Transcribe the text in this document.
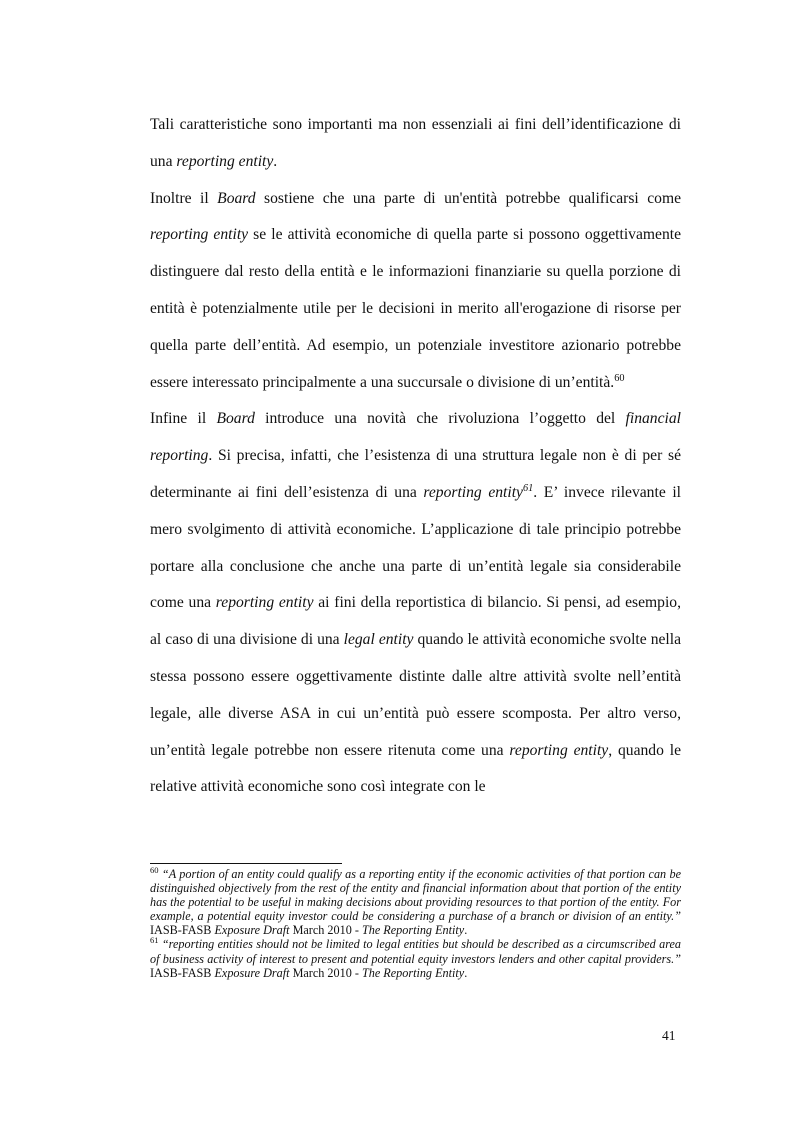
Tali caratteristiche sono importanti ma non essenziali ai fini dell’identificazione di una reporting entity.

Inoltre il Board sostiene che una parte di un'entità potrebbe qualificarsi come reporting entity se le attività economiche di quella parte si possono oggettivamente distinguere dal resto della entità e le informazioni finanziarie su quella porzione di entità è potenzialmente utile per le decisioni in merito all'erogazione di risorse per quella parte dell’entità. Ad esempio, un potenziale investitore azionario potrebbe essere interessato principalmente a una succursale o divisione di un’entità.$^{60}$

Infine il Board introduce una novità che rivoluziona l’oggetto del financial reporting. Si precisa, infatti, che l’esistenza di una struttura legale non è di per sé determinante ai fini dell’esistenza di una reporting entity$^{61}$. E’ invece rilevante il mero svolgimento di attività economiche. L’applicazione di tale principio potrebbe portare alla conclusione che anche una parte di un’entità legale sia considerabile come una reporting entity ai fini della reportistica di bilancio. Si pensi, ad esempio, al caso di una divisione di una legal entity quando le attività economiche svolte nella stessa possono essere oggettivamente distinte dalle altre attività svolte nell’entità legale, alle diverse ASA in cui un’entità può essere scomposta. Per altro verso, un’entità legale potrebbe non essere ritenuta come una reporting entity, quando le relative attività economiche sono così integrate con le

$^{60}$ “A portion of an entity could qualify as a reporting entity if the economic activities of that portion can be distinguished objectively from the rest of the entity and financial information about that portion of the entity has the potential to be useful in making decisions about providing resources to that portion of the entity. For example, a potential equity investor could be considering a purchase of a branch or division of an entity.” IASB-FASB Exposure Draft March 2010 - The Reporting Entity.

$^{61}$ “reporting entities should not be limited to legal entities but should be described as a circumscribed area of business activity of interest to present and potential equity investors lenders and other capital providers.” IASB-FASB Exposure Draft March 2010 - The Reporting Entity.

41
